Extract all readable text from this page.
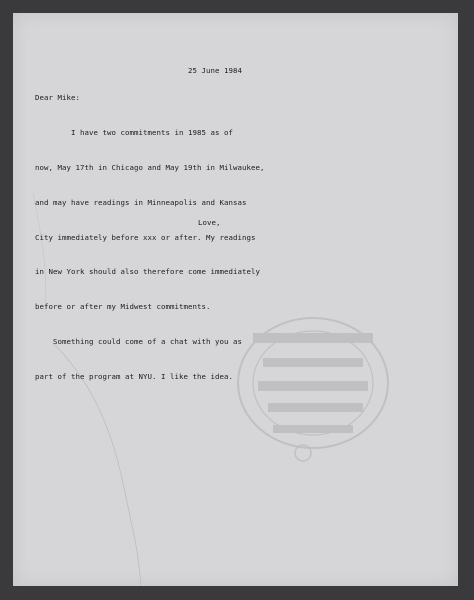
25 June 1984
Dear Mike:

I have two commitments in 1985 as of

now, May 17th in Chicago and May 19th in Milwaukee,

and may have readings in Minneapolis and Kansas

City immediately before xxx or after. My readings

in New York should also therefore come immediately

before or after my Midwest commitments.

Something could come of a chat with you as

part of the program at NYU. I like the idea.

Love,
